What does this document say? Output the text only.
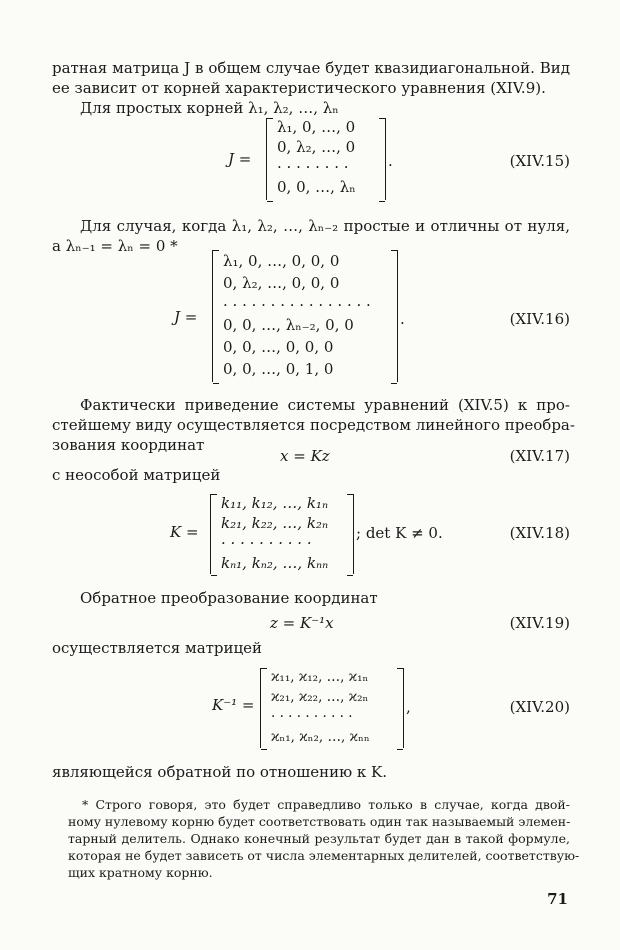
ратная матрица J в общем случае будет квазидиагональной. Вид
ее зависит от корней характеристического уравнения (XIV.9).
Для простых корней λ₁, λ₂, …, λₙ
J =
λ₁, 0, …, 0
0, λ₂, …, 0
· · · · · · · ·
0, 0, …, λₙ
.	(XIV.15)
Для случая, когда λ₁, λ₂, …, λₙ₋₂ простые и отличны от нуля,
а λₙ₋₁ = λₙ = 0 *
J =
λ₁, 0, …, 0, 0, 0
0, λ₂, …, 0, 0, 0
· · · · · · · · · · · · · · · ·
0, 0, …, λₙ₋₂, 0, 0
0, 0, …, 0, 0, 0
0, 0, …, 0, 1, 0
.	(XIV.16)
Фактически приведение системы уравнений (XIV.5) к про-
стейшему виду осуществляется посредством линейного преобра-
зования координат
x = Kz	(XIV.17)
с неособой матрицей
K =
k₁₁, k₁₂, …, k₁ₙ
k₂₁, k₂₂, …, k₂ₙ
· · · · · · · · · ·
kₙ₁, kₙ₂, …, kₙₙ
; det K ≠ 0.	(XIV.18)
Обратное преобразование координат
z = K⁻¹x	(XIV.19)
осуществляется матрицей
K⁻¹ =
ϰ₁₁, ϰ₁₂, …, ϰ₁ₙ
ϰ₂₁, ϰ₂₂, …, ϰ₂ₙ
· · · · · · · · · ·
ϰₙ₁, ϰₙ₂, …, ϰₙₙ
,	(XIV.20)
являющейся обратной по отношению к K.
* Строго говоря, это будет справедливо только в случае, когда двой-
ному нулевому корню будет соответствовать один так называемый элемен-
тарный делитель. Однако конечный результат будет дан в такой формуле,
которая не будет зависеть от числа элементарных делителей, соответствую-
щих кратному корню.
71
